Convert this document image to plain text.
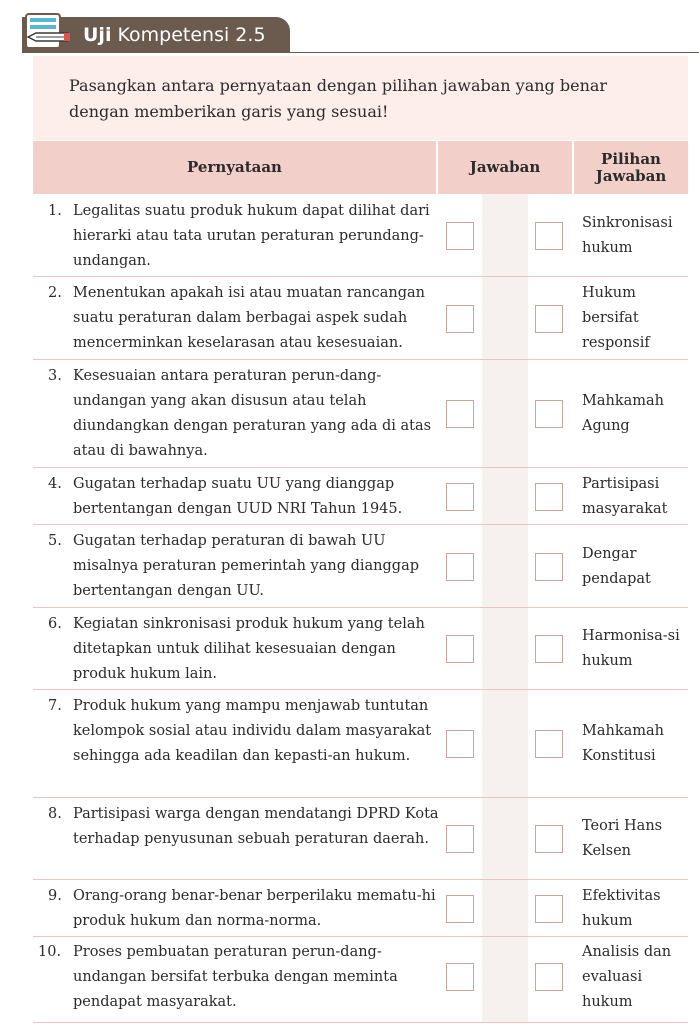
Uji Kompetensi 2.5

Pasangkan antara pernyataan dengan pilihan jawaban yang benar dengan memberikan garis yang sesuai!

Pernyataan	Jawaban	Pilihan Jawaban
1. Legalitas suatu produk hukum dapat dilihat dari hierarki atau tata urutan peraturan perundang-undangan.
Sinkronisasi hukum
2. Menentukan apakah isi atau muatan rancangan suatu peraturan dalam berbagai aspek sudah mencerminkan keselarasan atau kesesuaian.
Hukum bersifat responsif
3. Kesesuaian antara peraturan perun-dang-undangan yang akan disusun atau telah diundangkan dengan peraturan yang ada di atas atau di bawahnya.
Mahkamah Agung
4. Gugatan terhadap suatu UU yang dianggap bertentangan dengan UUD NRI Tahun 1945.
Partisipasi masyarakat
5. Gugatan terhadap peraturan di bawah UU misalnya peraturan pemerintah yang dianggap bertentangan dengan UU.
Dengar pendapat
6. Kegiatan sinkronisasi produk hukum yang telah ditetapkan untuk dilihat kesesuaian dengan produk hukum lain.
Harmonisa-si hukum
7. Produk hukum yang mampu menjawab tuntutan kelompok sosial atau individu dalam masyarakat sehingga ada keadilan dan kepasti-an hukum.
Mahkamah Konstitusi
8. Partisipasi warga dengan mendatangi DPRD Kota terhadap penyusunan sebuah peraturan daerah.
Teori Hans Kelsen
9. Orang-orang benar-benar berperilaku mematu-hi produk hukum dan norma-norma.
Efektivitas hukum
10. Proses pembuatan peraturan perun-dang-undangan bersifat terbuka dengan meminta pendapat masyarakat.
Analisis dan evaluasi hukum
